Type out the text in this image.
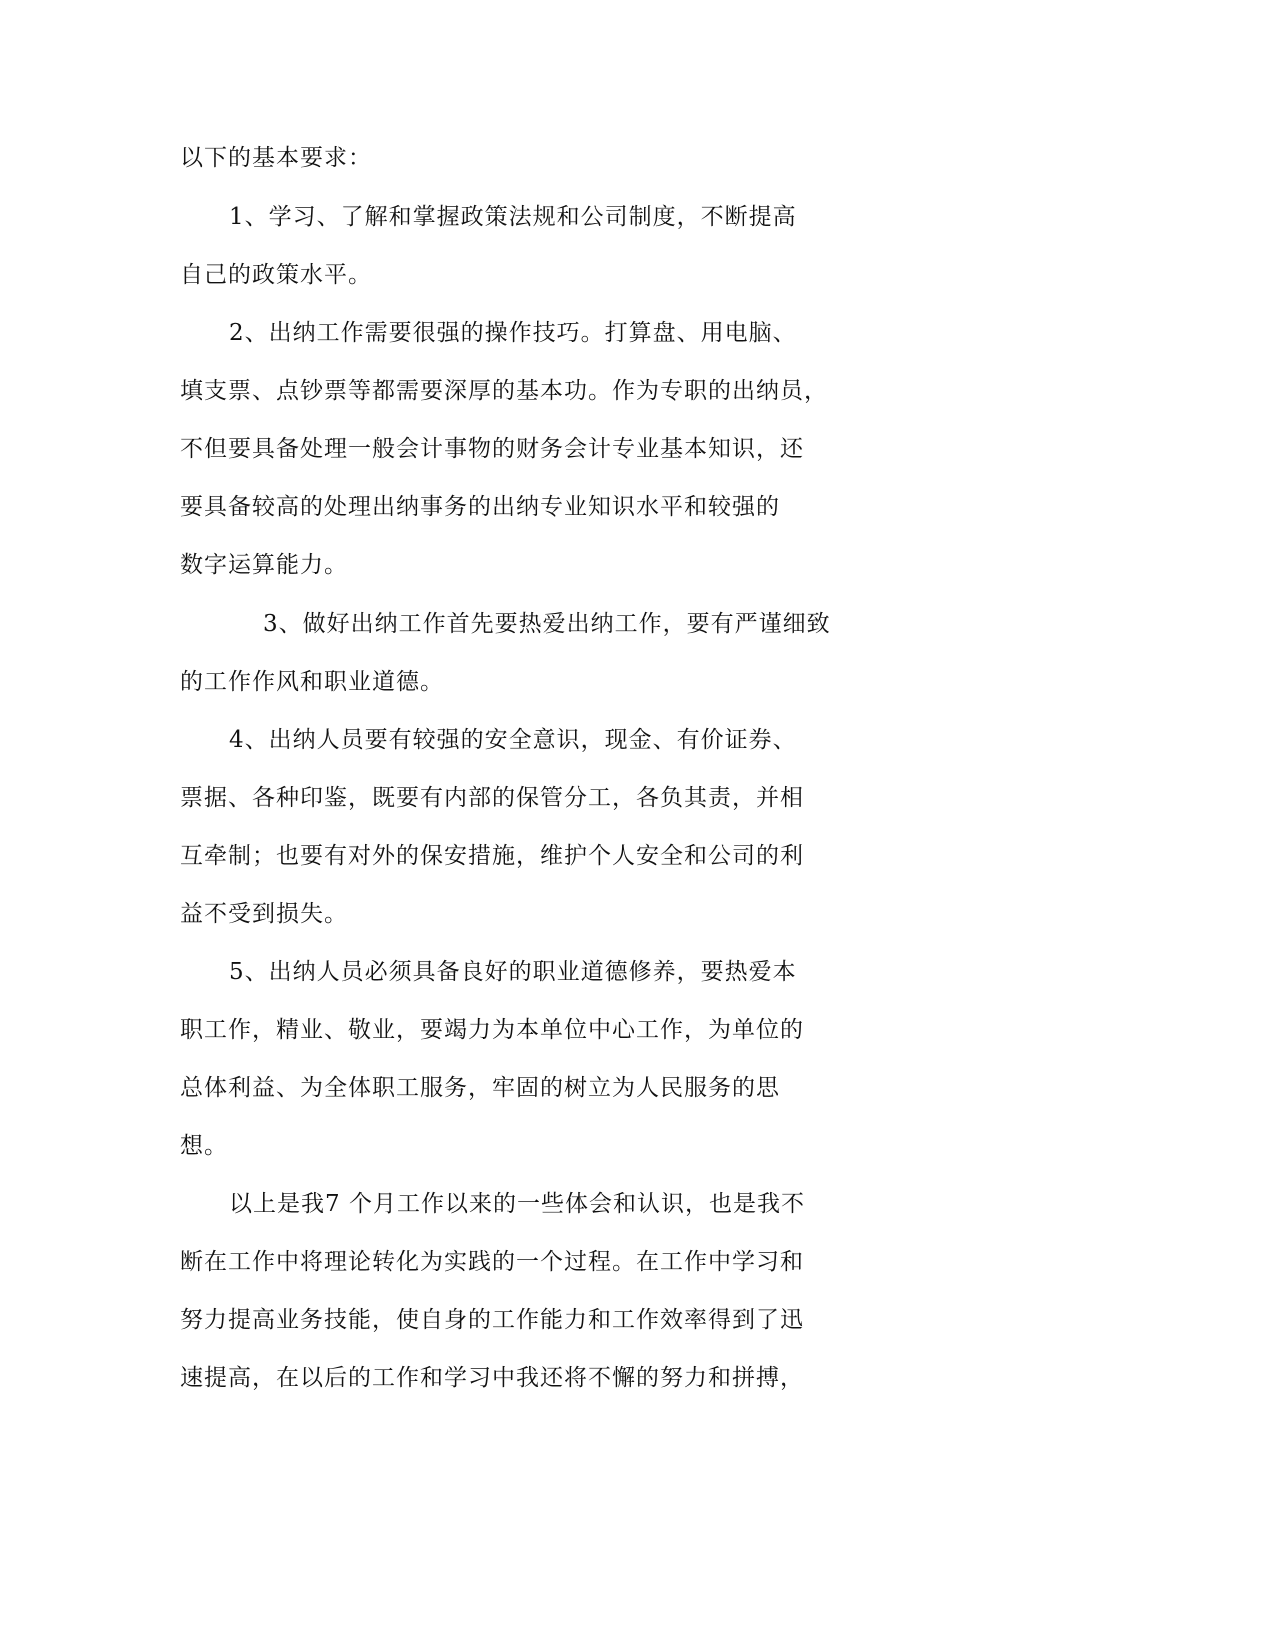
以下的基本要求：
1、学习、了解和掌握政策法规和公司制度，不断提高
自己的政策水平。
2、出纳工作需要很强的操作技巧。打算盘、用电脑、
填支票、点钞票等都需要深厚的基本功。作为专职的出纳员，
不但要具备处理一般会计事物的财务会计专业基本知识，还
要具备较高的处理出纳事务的出纳专业知识水平和较强的
数字运算能力。
3、做好出纳工作首先要热爱出纳工作，要有严谨细致
的工作作风和职业道德。
4、出纳人员要有较强的安全意识，现金、有价证券、
票据、各种印鉴，既要有内部的保管分工，各负其责，并相
互牵制；也要有对外的保安措施，维护个人安全和公司的利
益不受到损失。
5、出纳人员必须具备良好的职业道德修养，要热爱本
职工作，精业、敬业，要竭力为本单位中心工作，为单位的
总体利益、为全体职工服务，牢固的树立为人民服务的思
想。
以上是我7 个月工作以来的一些体会和认识，也是我不
断在工作中将理论转化为实践的一个过程。在工作中学习和
努力提高业务技能，使自身的工作能力和工作效率得到了迅
速提高，在以后的工作和学习中我还将不懈的努力和拼搏，
